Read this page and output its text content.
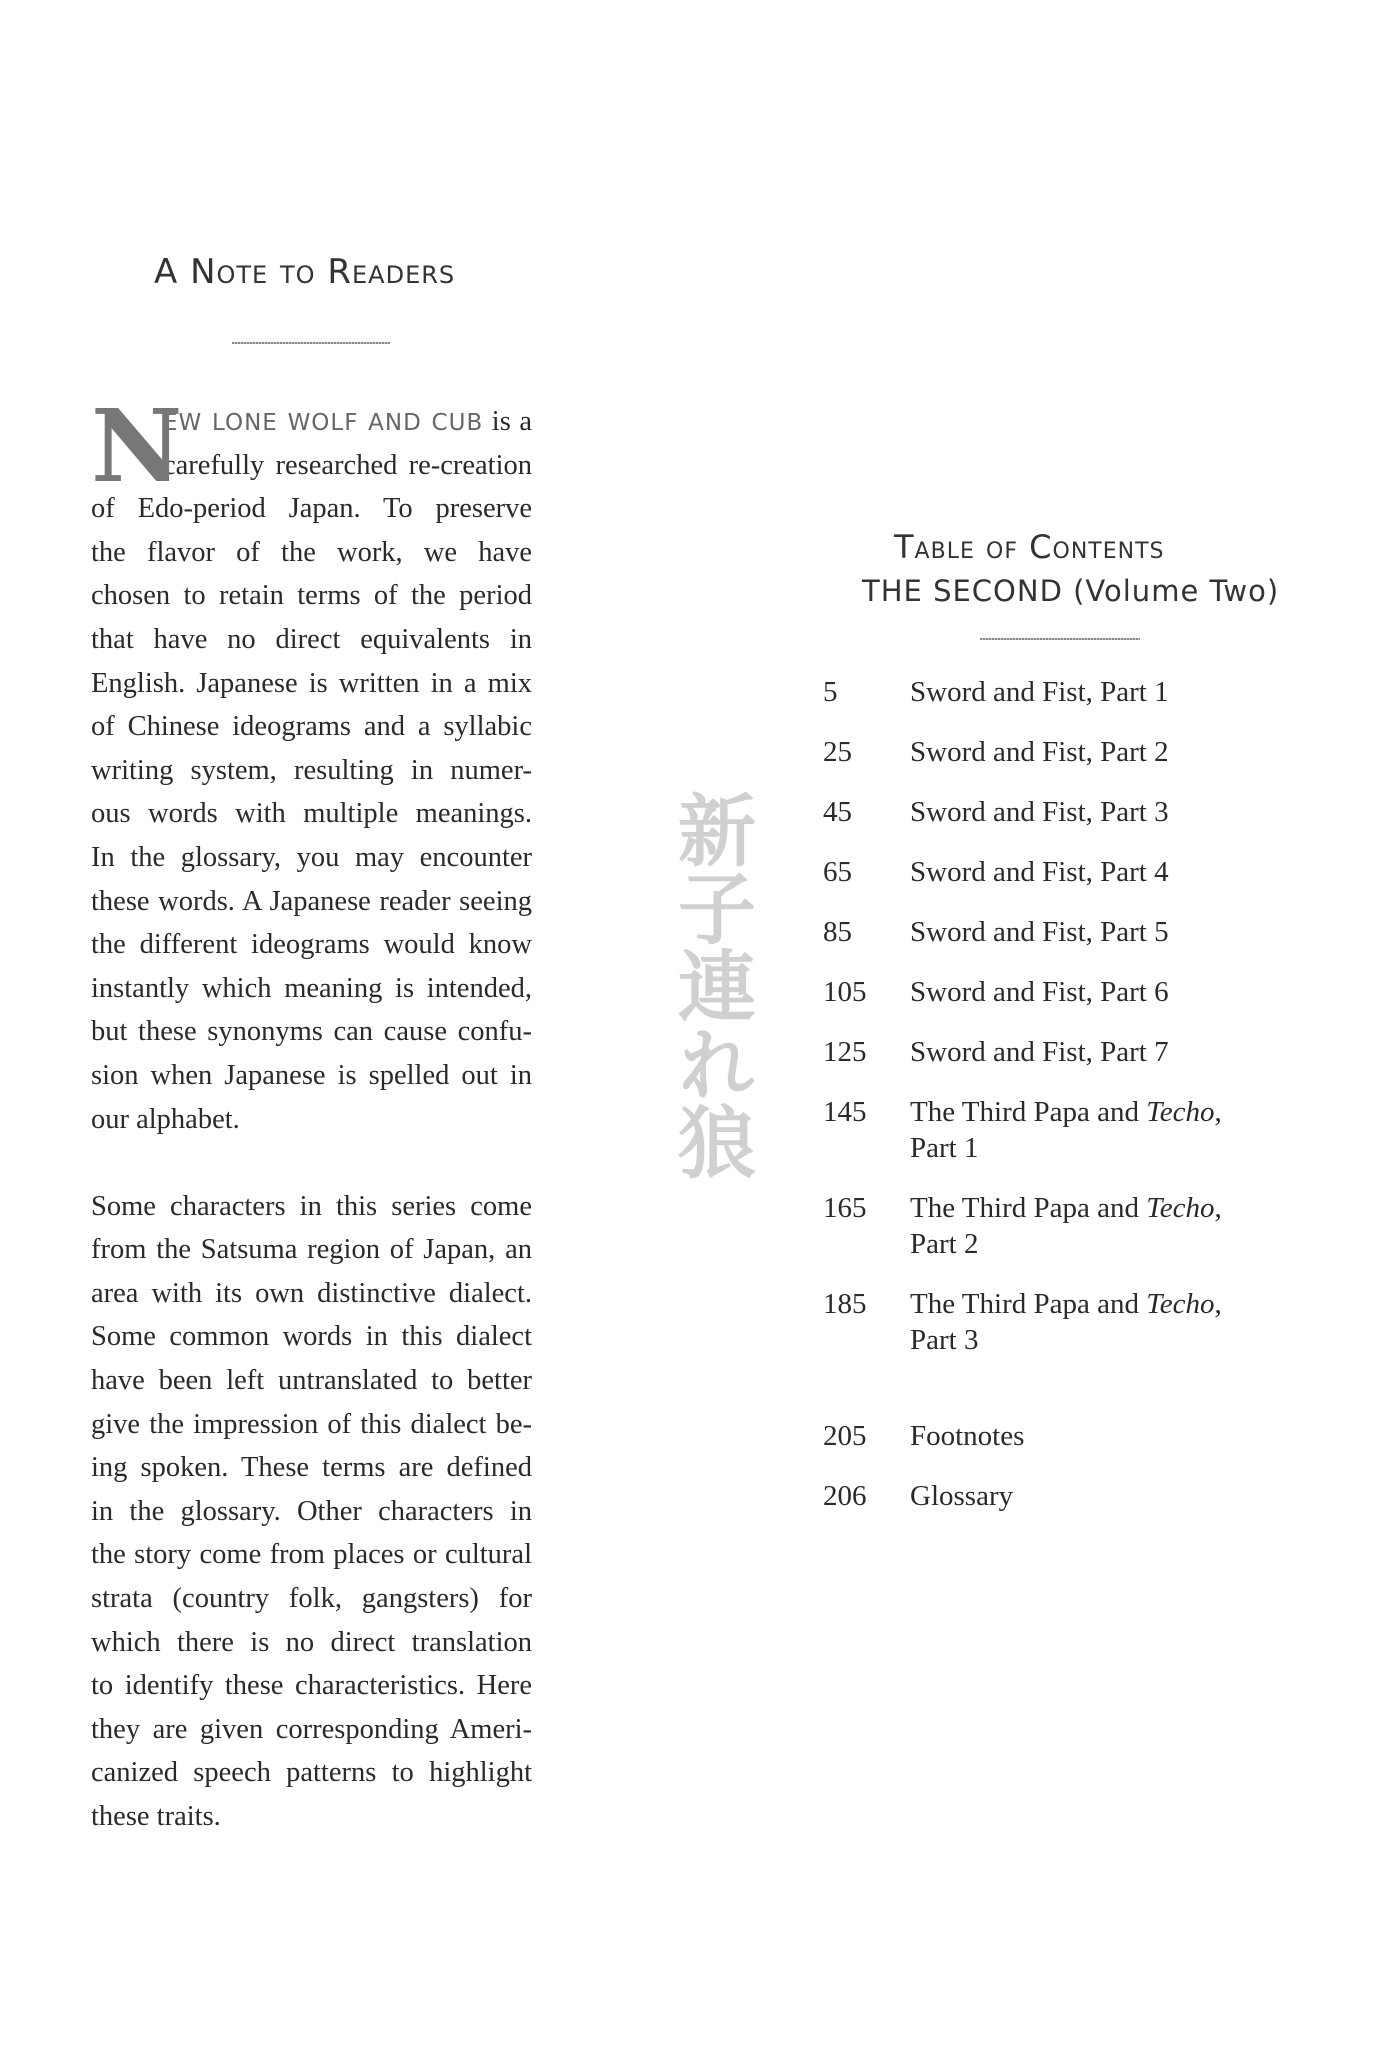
A Note to Readers
N
EW LONE WOLF AND CUB is a
carefully researched re-creation
of Edo-period Japan. To preserve
the flavor of the work, we have
chosen to retain terms of the period
that have no direct equivalents in
English. Japanese is written in a mix
of Chinese ideograms and a syllabic
writing system, resulting in numer-
ous words with multiple meanings.
In the glossary, you may encounter
these words. A Japanese reader seeing
the different ideograms would know
instantly which meaning is intended,
but these synonyms can cause confu-
sion when Japanese is spelled out in
our alphabet.
Some characters in this series come
from the Satsuma region of Japan, an
area with its own distinctive dialect.
Some common words in this dialect
have been left untranslated to better
give the impression of this dialect be-
ing spoken. These terms are defined
in the glossary. Other characters in
the story come from places or cultural
strata (country folk, gangsters) for
which there is no direct translation
to identify these characteristics. Here
they are given corresponding Ameri-
canized speech patterns to highlight
these traits.
新子連れ狼
Table of Contents
THE SECOND (Volume Two)
5	Sword and Fist, Part 1
25	Sword and Fist, Part 2
45	Sword and Fist, Part 3
65	Sword and Fist, Part 4
85	Sword and Fist, Part 5
105	Sword and Fist, Part 6
125	Sword and Fist, Part 7
145	The Third Papa and Techo,
Part 1
165	The Third Papa and Techo,
Part 2
185	The Third Papa and Techo,
Part 3
205	Footnotes
206	Glossary
